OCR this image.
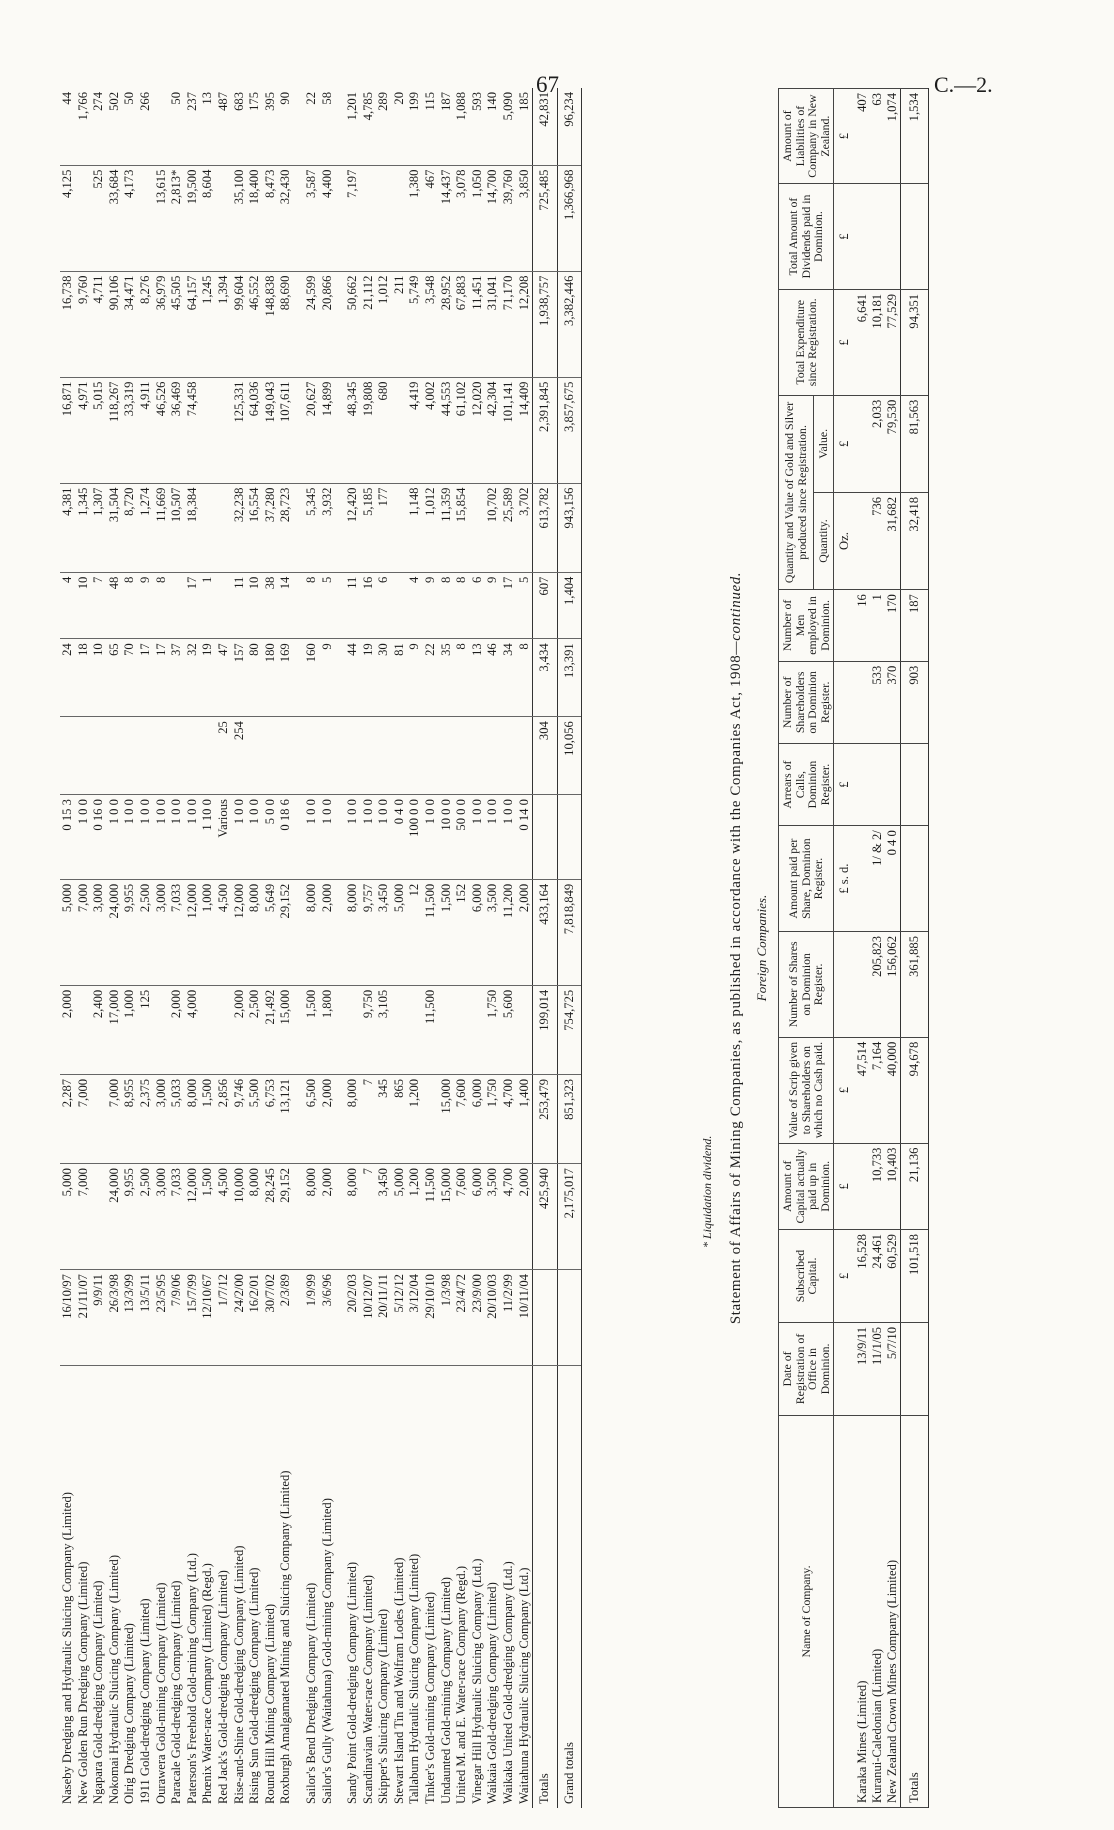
67	C.—2.
Naseby Dredging and Hydraulic Sluicing Company (Limited)	16/10/97	5,000	2,287	2,000	5,000	0 15 3		24	4	4,381	16,871	16,738	4,125	44
New Golden Run Dredging Company (Limited)	21/11/07	7,000	7,000		7,000	1 0 0		18	10	1,345	4,971	9,760		1,766
Ngapara Gold-dredging Company (Limited)	9/9/11			2,400	3,000	0 16 0		10	7	1,307	5,015	4,711	525	274
Nokomai Hydraulic Sluicing Company (Limited)	26/3/98	24,000	7,000	17,000	24,000	1 0 0		65	48	31,504	118,267	90,106	33,684	502
Olrig Dredging Company (Limited)	13/3/99	9,955	8,955	1,000	9,955	1 0 0		70	8	8,720	33,319	34,471	4,173	50
1911 Gold-dredging Company (Limited)	13/5/11	2,500	2,375	125	2,500	1 0 0		17	9	1,274	4,911	8,276		266
Ourawera Gold-mining Company (Limited)	23/5/95	3,000	3,000		3,000	1 0 0		17	8	11,669	46,526	36,979	13,615	
Paracale Gold-dredging Company (Limited)	7/9/06	7,033	5,033	2,000	7,033	1 0 0		37		10,507	36,469	45,505	2,813*	50
Paterson's Freehold Gold-mining Company (Ltd.)	15/7/99	12,000	8,000	4,000	12,000	1 0 0		32	17	18,384	74,458	64,157	19,500	237
Phœnix Water-race Company (Limited) (Regd.)	12/10/67	1,500	1,500		1,000	1 10 0		19	1			1,245	8,604	13
Red Jack's Gold-dredging Company (Limited)	1/7/12	4,500	2,856		4,500	Various	25	47				1,394		487
Rise-and-Shine Gold-dredging Company (Limited)	24/2/00	10,000	9,746	2,000	12,000	1 0 0	254	157	11	32,238	125,331	99,604	35,100	683
Rising Sun Gold-dredging Company (Limited)	16/2/01	8,000	5,500	2,500	8,000	1 0 0		80	10	16,554	64,036	46,552	18,400	175
Round Hill Mining Company (Limited)	30/7/02	28,245	6,753	21,492	5,649	5 0 0		180	38	37,280	149,043	148,838	8,473	395
Roxburgh Amalgamated Mining and Sluicing Company (Limited)	2/3/89	29,152	13,121	15,000	29,152	0 18 6		169	14	28,723	107,611	88,690	32,430	90

Sailor's Bend Dredging Company (Limited)	1/9/99	8,000	6,500	1,500	8,000	1 0 0		160	8	5,345	20,627	24,599	3,587	22
Sailor's Gully (Waitahuna) Gold-mining Company (Limited)	3/6/96	2,000	2,000	1,800	2,000	1 0 0		9	5	3,932	14,899	20,866	4,400	58

Sandy Point Gold-dredging Company (Limited)	20/2/03	8,000	8,000		8,000	1 0 0		44	11	12,420	48,345	50,662	7,197	1,201
Scandinavian Water-race Company (Limited)	10/12/07	7	7	9,750	9,757	1 0 0		19	16	5,185	19,808	21,112		4,785
Skipper's Sluicing Company (Limited)	20/11/11	3,450	345	3,105	3,450	1 0 0		30	6	177	680	1,012		289
Stewart Island Tin and Wolfram Lodes (Limited)	5/12/12	5,000	865		5,000	0 4 0		81				211		20
Tallaburn Hydraulic Sluicing Company (Limited)	3/12/04	1,200	1,200		12	100 0 0		9	4	1,148	4,419	5,749	1,380	199
Tinker's Gold-mining Company (Limited)	29/10/10	11,500		11,500	11,500	1 0 0		22	9	1,012	4,002	3,548	467	115
Undaunted Gold-mining Company (Limited)	1/3/98	15,000	15,000		1,500	10 0 0		35	8	11,359	44,553	28,952	14,437	187
United M. and E. Water-race Company (Regd.)	23/4/72	7,600	7,600		152	50 0 0		8	8	15,854	61,102	67,883	3,078	1,088
Vinegar Hill Hydraulic Sluicing Company (Ltd.)	23/9/00	6,000	6,000		6,000	1 0 0		13	6		12,020	11,451	1,050	593
Waikaia Gold-dredging Company (Limited)	20/10/03	3,500	1,750	1,750	3,500	1 0 0		46	9	10,702	42,304	31,041	14,700	140
Waikaka United Gold-dredging Company (Ltd.)	11/2/99	4,700	4,700	5,600	11,200	1 0 0		34	17	25,589	101,141	71,170	39,760	5,090
Waitahuna Hydraulic Sluicing Company (Ltd.)	10/11/04	2,000	1,400		2,000	0 14 0		8	5	3,702	14,409	12,208	3,850	185
Totals		425,940	253,479	199,014	433,164		304	3,434	607	613,782	2,391,845	1,938,757	725,485	42,831
Grand totals		2,175,017	851,323	754,725	7,818,849		10,056	13,391	1,404	943,156	3,857,675	3,382,446	1,366,968	96,234
* Liquidation dividend. Statement of Affairs of Mining Companies, as published in accordance with the Companies Act, 1908—continued.
Foreign Companies.
Name of Company.	Date of Registration of Office in Dominion.	Subscribed Capital.	Amount of Capital actually paid up in Dominion.	Value of Scrip given to Shareholders on which no Cash paid.	Number of Shares on Dominion Register.	Amount paid per Share, Dominion Register.	Arrears of Calls, Dominion Register.	Number of Shareholders on Dominion Register.	Number of Men employed in Dominion.	Quantity and Value of Gold and Silver produced since Registration.		Total Expenditure since Registration.	Total Amount of Dividends paid in Dominion.	Amount of Liabilities of Company in New Zealand.
										Quantity.	Value.			
		£	£	£		£ s. d.	£			Oz.	£	£	£	£
Karaka Mines (Limited)	13/9/11	16,528		47,514					16			6,641		407
Kuranui-Caledonian (Limited)	11/1/05	24,461	10,733	7,164	205,823	1/ & 2/		533	1	736	2,033	10,181		63
New Zealand Crown Mines Company (Limited)	5/7/10	60,529	10,403	40,000	156,062	0 4 0		370	170	31,682	79,530	77,529		1,074
Totals		101,518	21,136	94,678	361,885			903	187	32,418	81,563	94,351		1,534
